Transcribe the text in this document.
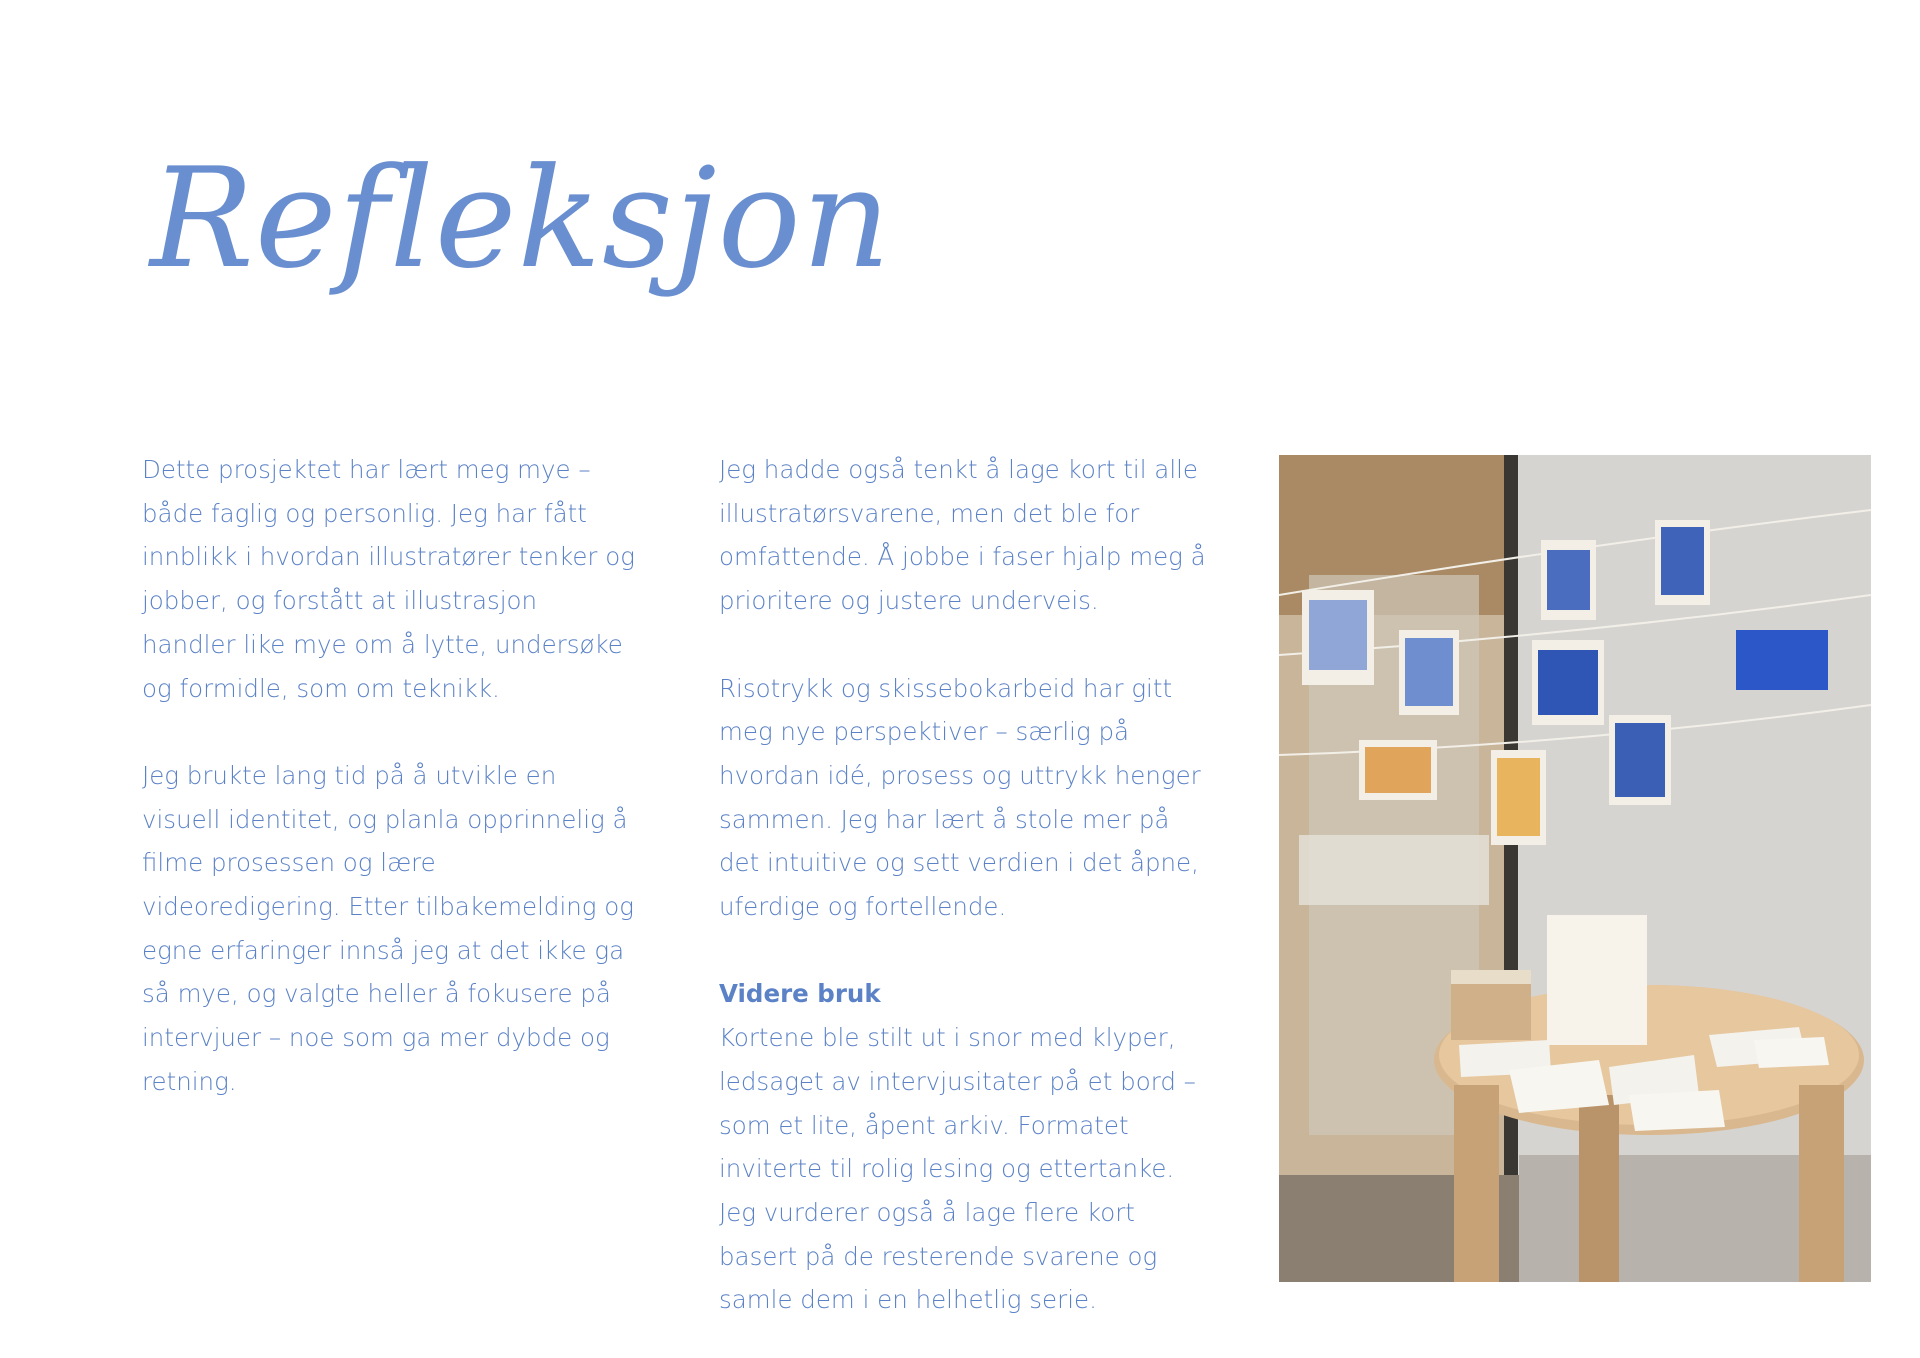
Refleksjon

Dette prosjektet har lært meg mye – både faglig og personlig. Jeg har fått innblikk i hvordan illustratører tenker og jobber, og forstått at illustrasjon handler like mye om å lytte, undersøke og formidle, som om teknikk.

Jeg brukte lang tid på å utvikle en visuell identitet, og planla opprinnelig å filme prosessen og lære videoredigering. Etter tilbakemelding og egne erfaringer innså jeg at det ikke ga så mye, og valgte heller å fokusere på intervjuer – noe som ga mer dybde og retning.

Jeg hadde også tenkt å lage kort til alle illustratørsvarene, men det ble for omfattende. Å jobbe i faser hjalp meg å prioritere og justere underveis.

Risotrykk og skissebokarbeid har gitt meg nye perspektiver – særlig på hvordan idé, prosess og uttrykk henger sammen. Jeg har lært å stole mer på det intuitive og sett verdien i det åpne, uferdige og fortellende.

Videre bruk
Kortene ble stilt ut i snor med klyper, ledsaget av intervjusitater på et bord – som et lite, åpent arkiv. Formatet inviterte til rolig lesing og ettertanke. Jeg vurderer også å lage flere kort basert på de resterende svarene og samle dem i en helhetlig serie.
